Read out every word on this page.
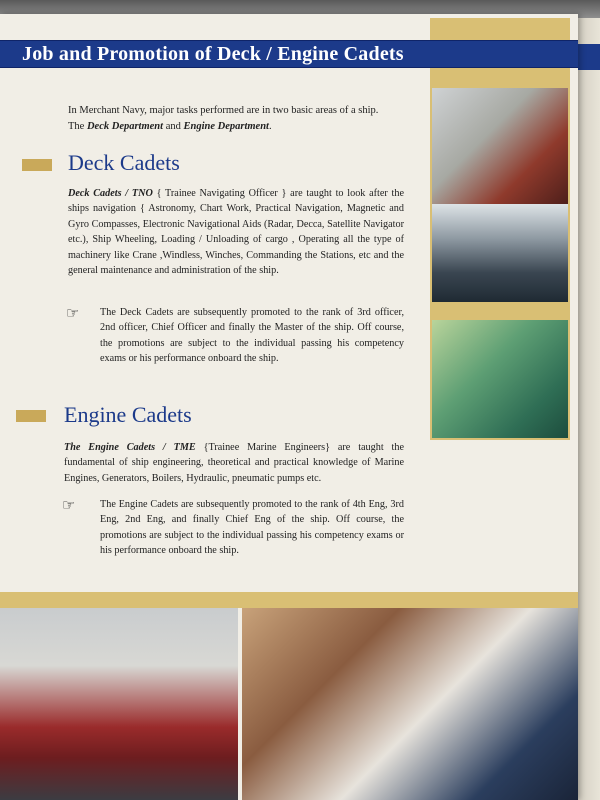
Job and Promotion of Deck / Engine Cadets
In Merchant Navy, major tasks performed are in two basic areas of a ship.
The Deck Department and Engine Department.
Deck Cadets
Deck Cadets / TNO { Trainee Navigating Officer } are taught to look after the ships navigation { Astronomy, Chart Work, Practical Navigation, Magnetic and Gyro Compasses, Electronic Navigational Aids (Radar, Decca, Satellite Navigator etc.), Ship Wheeling, Loading / Unloading of cargo , Operating all the type of machinery like Crane ,Windless, Winches, Commanding the Stations, etc and the general maintenance and administration of the ship.
☞ The Deck Cadets are subsequently promoted to the rank of 3rd officer, 2nd officer, Chief Officer and finally the Master of the ship. Off course, the promotions are subject to the individual passing his competency exams or his performance onboard the ship.
Engine Cadets
The Engine Cadets / TME {Trainee Marine Engineers} are taught the fundamental of ship engineering, theoretical and practical knowledge of Marine Engines, Generators, Boilers, Hydraulic, pneumatic pumps etc.
☞ The Engine Cadets are subsequently promoted to the rank of 4th Eng, 3rd Eng, 2nd Eng, and finally Chief Eng of the ship. Off course, the promotions are subject to the individual passing his competency exams or his performance onboard the ship.
